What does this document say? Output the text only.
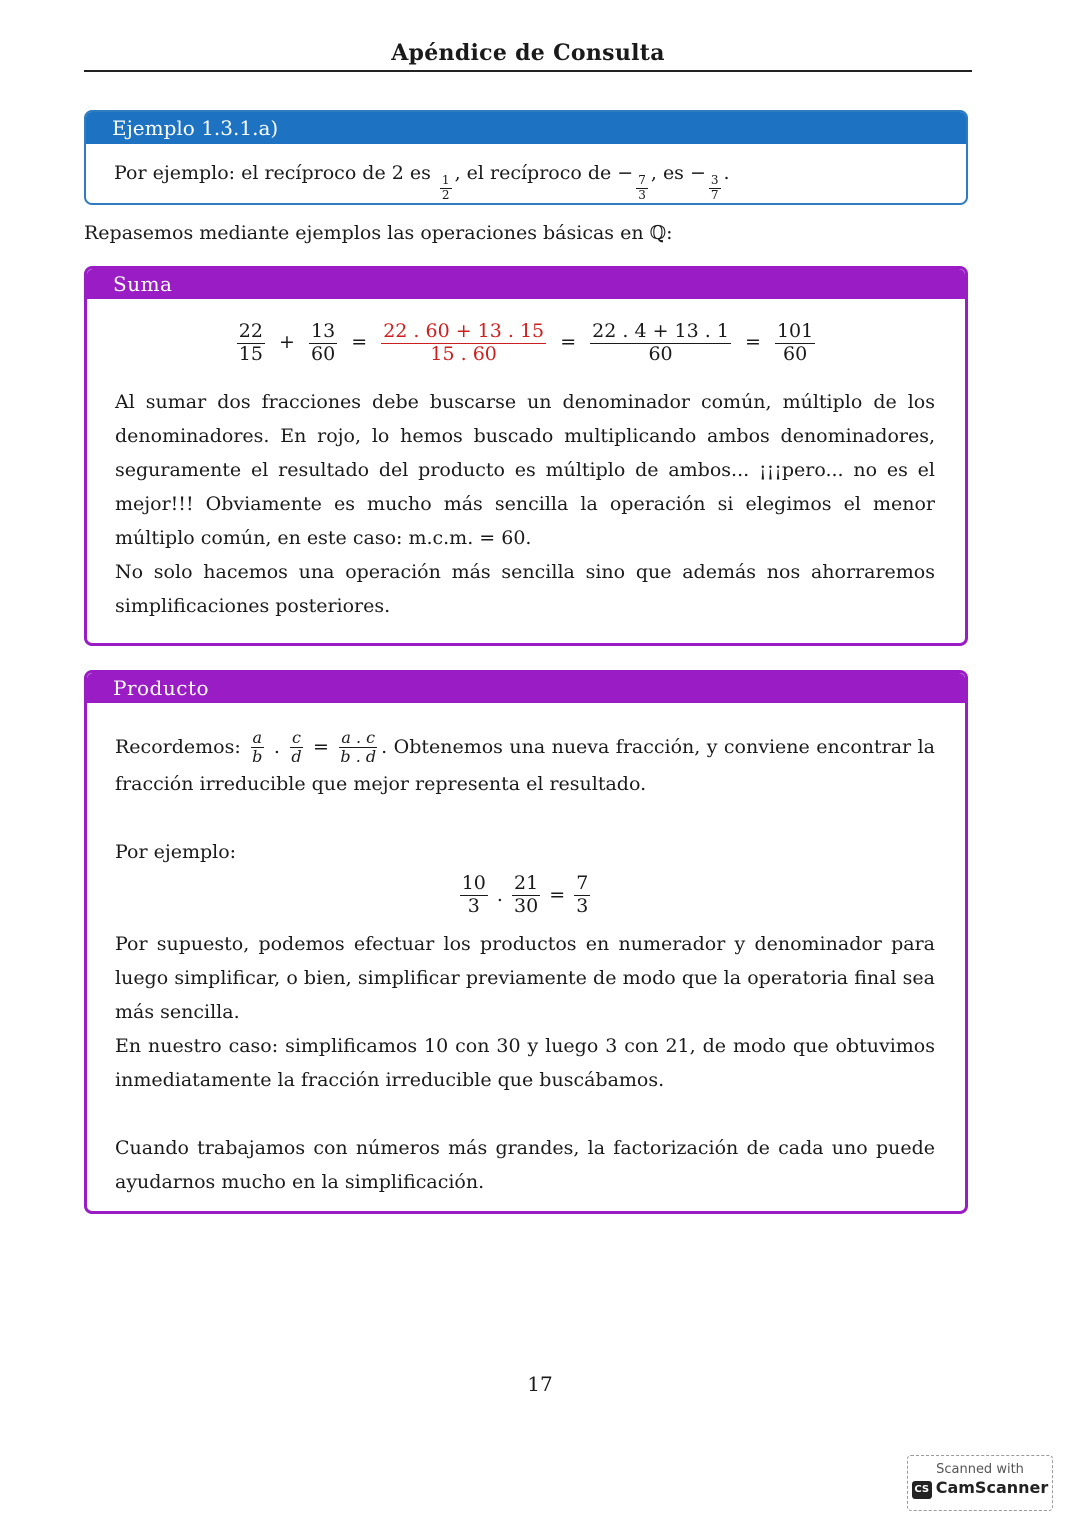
Apéndice de Consulta
Ejemplo 1.3.1.a)
Por ejemplo: el recíproco de 2 es
$\frac{1}{2}$
, el recíproco de −
$\frac{7}{3}$
, es −
$\frac{3}{7}$
.
Repasemos mediante ejemplos las operaciones básicas en ℚ:
Suma
$\frac{22}{15} + \frac{13}{60} = \frac{22 . 60 + 13 . 15}{15 . 60} = \frac{22 . 4 + 13 . 1}{60} = \frac{101}{60}$
Al sumar dos fracciones debe buscarse un denominador común, múltiplo de los denominadores. En rojo, lo hemos buscado multiplicando ambos denominadores, seguramente el resultado del producto es múltiplo de ambos... ¡¡¡pero... no es el mejor!!! Obviamente es mucho más sencilla la operación si elegimos el menor múltiplo común, en este caso: m.c.m. = 60.
No solo hacemos una operación más sencilla sino que además nos ahorraremos simplificaciones posteriores.
Producto
Recordemos: $\frac{a}{b}$ . $\frac{c}{d} = \frac{a . c}{b . d}$ . Obtenemos una nueva fracción, y conviene encontrar la fracción irreducible que mejor representa el resultado.
Por ejemplo:
$\frac{10}{3}$ . $\frac{21}{30} = \frac{7}{3}$
Por supuesto, podemos efectuar los productos en numerador y denominador para luego simplificar, o bien, simplificar previamente de modo que la operatoria final sea más sencilla.
En nuestro caso: simplificamos 10 con 30 y luego 3 con 21, de modo que obtuvimos inmediatamente la fracción irreducible que buscábamos.
Cuando trabajamos con números más grandes, la factorización de cada uno puede ayudarnos mucho en la simplificación.
17
Scanned with
CS CamScanner
